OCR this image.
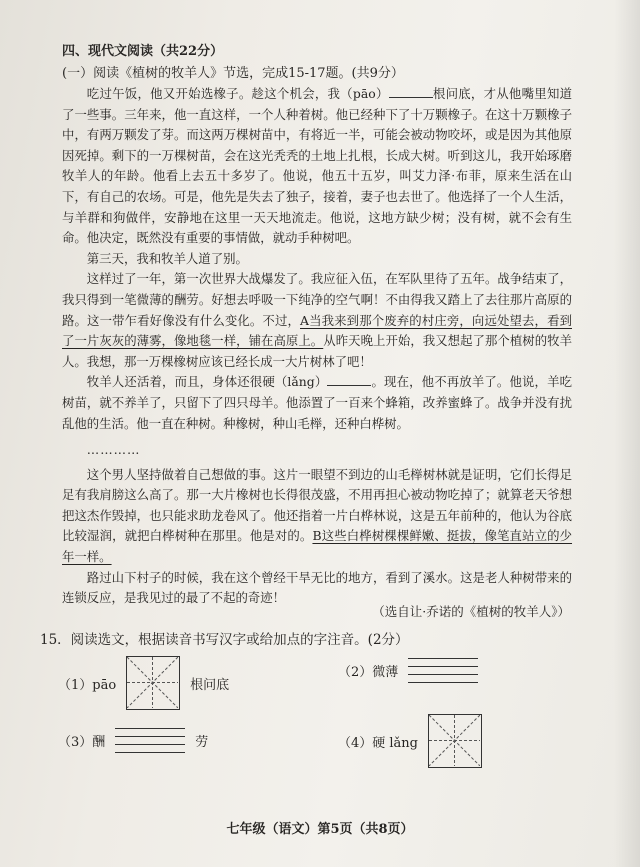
四、现代文阅读（共22分）
(一）阅读《植树的牧羊人》节选，完成15-17题。(共9分）

吃过午饭，他又开始选橡子。趁这个机会，我（pāo）	根问底，才从他嘴里知道了一些事。三年来，他一直这样，一个人种着树。他已经种下了十万颗橡子。在这十万颗橡子中，有两万颗发了芽。而这两万棵树苗中，有将近一半，可能会被动物咬坏，或是因为其他原因死掉。剩下的一万棵树苗，会在这光秃秃的土地上扎根，长成大树。听到这儿，我开始琢磨牧羊人的年龄。他看上去五十多岁了。他说，他五十五岁，叫艾力泽·布菲，原来生活在山下，有自己的农场。可是，他先是失去了独子，接着，妻子也去世了。他选择了一个人生活，与羊群和狗做伴，安静地在这里一天天地流走。他说，这地方缺少树；没有树，就不会有生命。他决定，既然没有重要的事情做，就动手种树吧。

第三天，我和牧羊人道了别。

这样过了一年，第一次世界大战爆发了。我应征入伍，在军队里待了五年。战争结束了，我只得到一笔微薄的酬劳。好想去呼吸一下纯净的空气啊！不由得我又踏上了去往那片高原的路。这一带乍看好像没有什么变化。不过，A当我来到那个废弃的村庄旁，向远处望去，看到了一片灰灰的薄雾，像地毯一样，铺在高原上。从昨天晚上开始，我又想起了那个植树的牧羊人。我想，那一万棵橡树应该已经长成一大片树林了吧！

牧羊人还活着，而且，身体还很硬（lǎng）	。现在，他不再放羊了。他说，羊吃树苗，就不养羊了，只留下了四只母羊。他添置了一百来个蜂箱，改养蜜蜂了。战争并没有扰乱他的生活。他一直在种树。种橡树，种山毛榉，还种白桦树。

…………

这个男人坚持做着自己想做的事。这片一眼望不到边的山毛榉树林就是证明，它们长得足足有我肩膀这么高了。那一大片橡树也长得很茂盛，不用再担心被动物吃掉了；就算老天爷想把这杰作毁掉，也只能求助龙卷风了。他还指着一片白桦林说，这是五年前种的，他认为谷底比较湿润，就把白桦树种在那里。他是对的。B这些白桦树棵棵鲜嫩、挺拔，像笔直站立的少年一样。

路过山下村子的时候，我在这个曾经干旱无比的地方，看到了溪水。这是老人种树带来的连锁反应，是我见过的最了不起的奇迹！

（选自让·乔诺的《植树的牧羊人》）
15．阅读选文，根据读音书写汉字或给加点的字注音。(2分）
（1）pāo	根问底
（2）微薄
（3）酬	劳	（4）硬 lǎng
七年级（语文）第5页（共8页）
